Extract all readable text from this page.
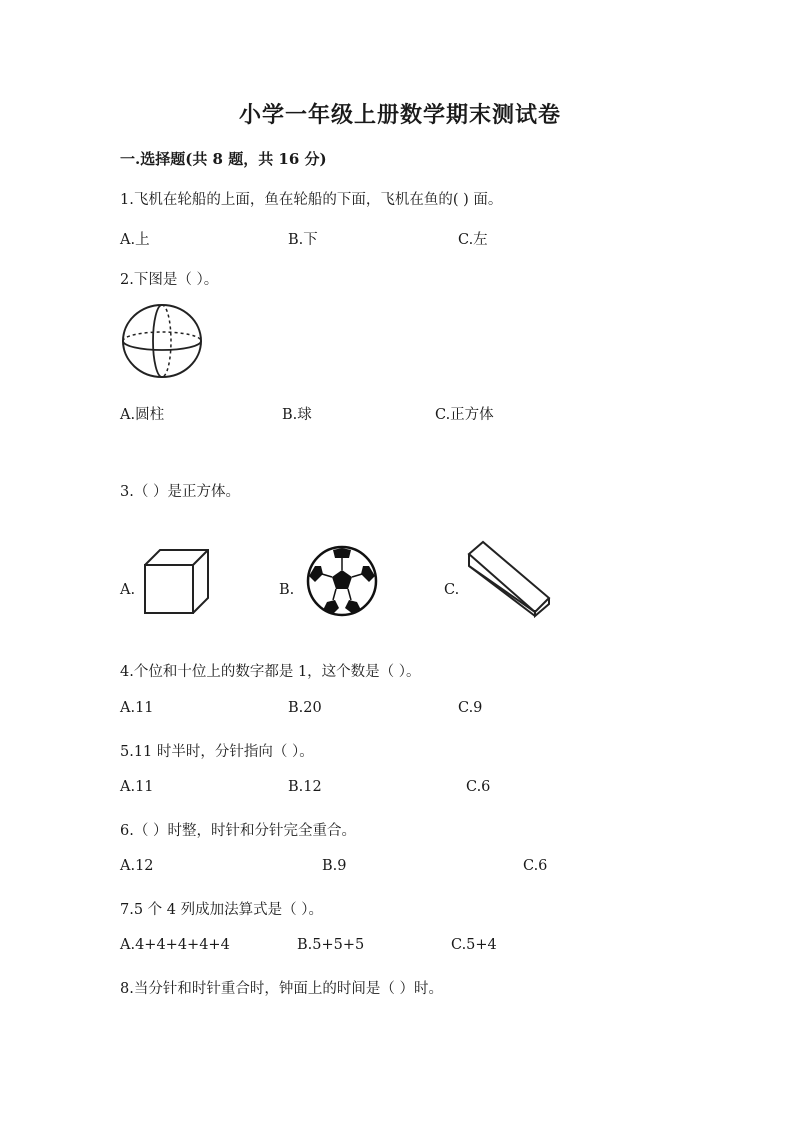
小学一年级上册数学期末测试卷
一.选择题(共 8 题，共 16 分)
1.飞机在轮船的上面，鱼在轮船的下面，飞机在鱼的( ) 面。
A.上	B.下	C.左
2.下图是（ ）。
A.圆柱	B.球	C.正方体
3.（ ）是正方体。
A.	B.	C.
4.个位和十位上的数字都是 1，这个数是（ ）。
A.11	B.20	C.9
5.11 时半时，分针指向（ ）。
A.11	B.12	C.6
6.（ ）时整，时针和分针完全重合。
A.12	B.9	C.6
7.5 个 4 列成加法算式是（ ）。
A.4+4+4+4+4	B.5+5+5	C.5+4
8.当分针和时针重合时，钟面上的时间是（ ）时。
